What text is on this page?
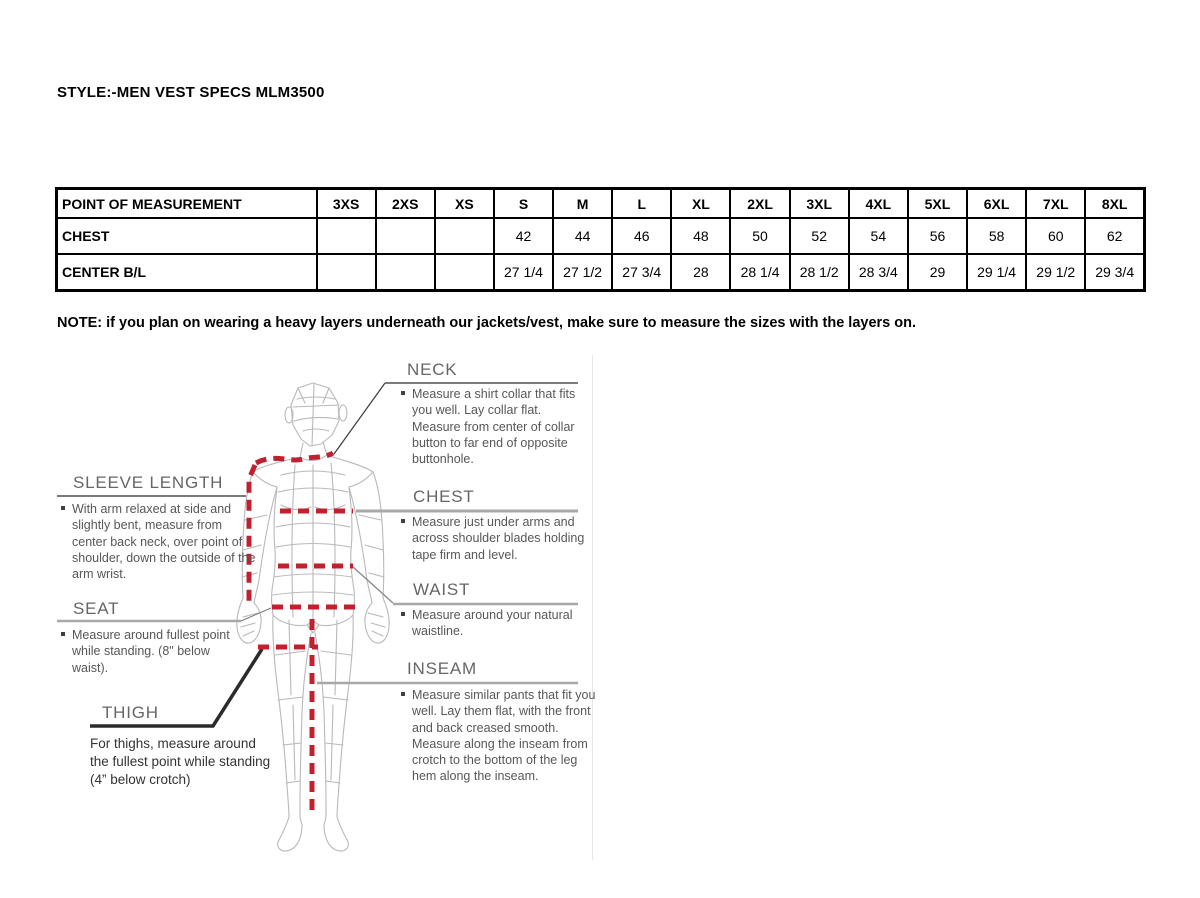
STYLE:-MEN VEST SPECS MLM3500
POINT OF MEASUREMENT	3XS	2XS	XS	S	M	L	XL	2XL	3XL	4XL	5XL	6XL	7XL	8XL
CHEST				42	44	46	48	50	52	54	56	58	60	62
CENTER B/L				27 1/4	27 1/2	27 3/4	28	28 1/4	28 1/2	28 3/4	29	29 1/4	29 1/2	29 3/4
NOTE: if you plan on wearing a heavy layers underneath our jackets/vest, make sure to measure the sizes with the layers on.
NECK
Measure a shirt collar that fits you well. Lay collar flat. Measure from center of collar button to far end of opposite buttonhole.
SLEEVE LENGTH
With arm relaxed at side and slightly bent, measure from center back neck, over point of shoulder, down the outside of the arm wrist.
CHEST
Measure just under arms and across shoulder blades holding tape firm and level.
WAIST
Measure around your natural waistline.
SEAT
Measure around fullest point while standing. (8" below waist).	INSEAM
Measure similar pants that fit you well. Lay them flat, with the front and back creased smooth. Measure along the inseam from crotch to the bottom of the leg hem along the inseam.
THIGH
For thighs, measure around the fullest point while standing (4” below crotch)
